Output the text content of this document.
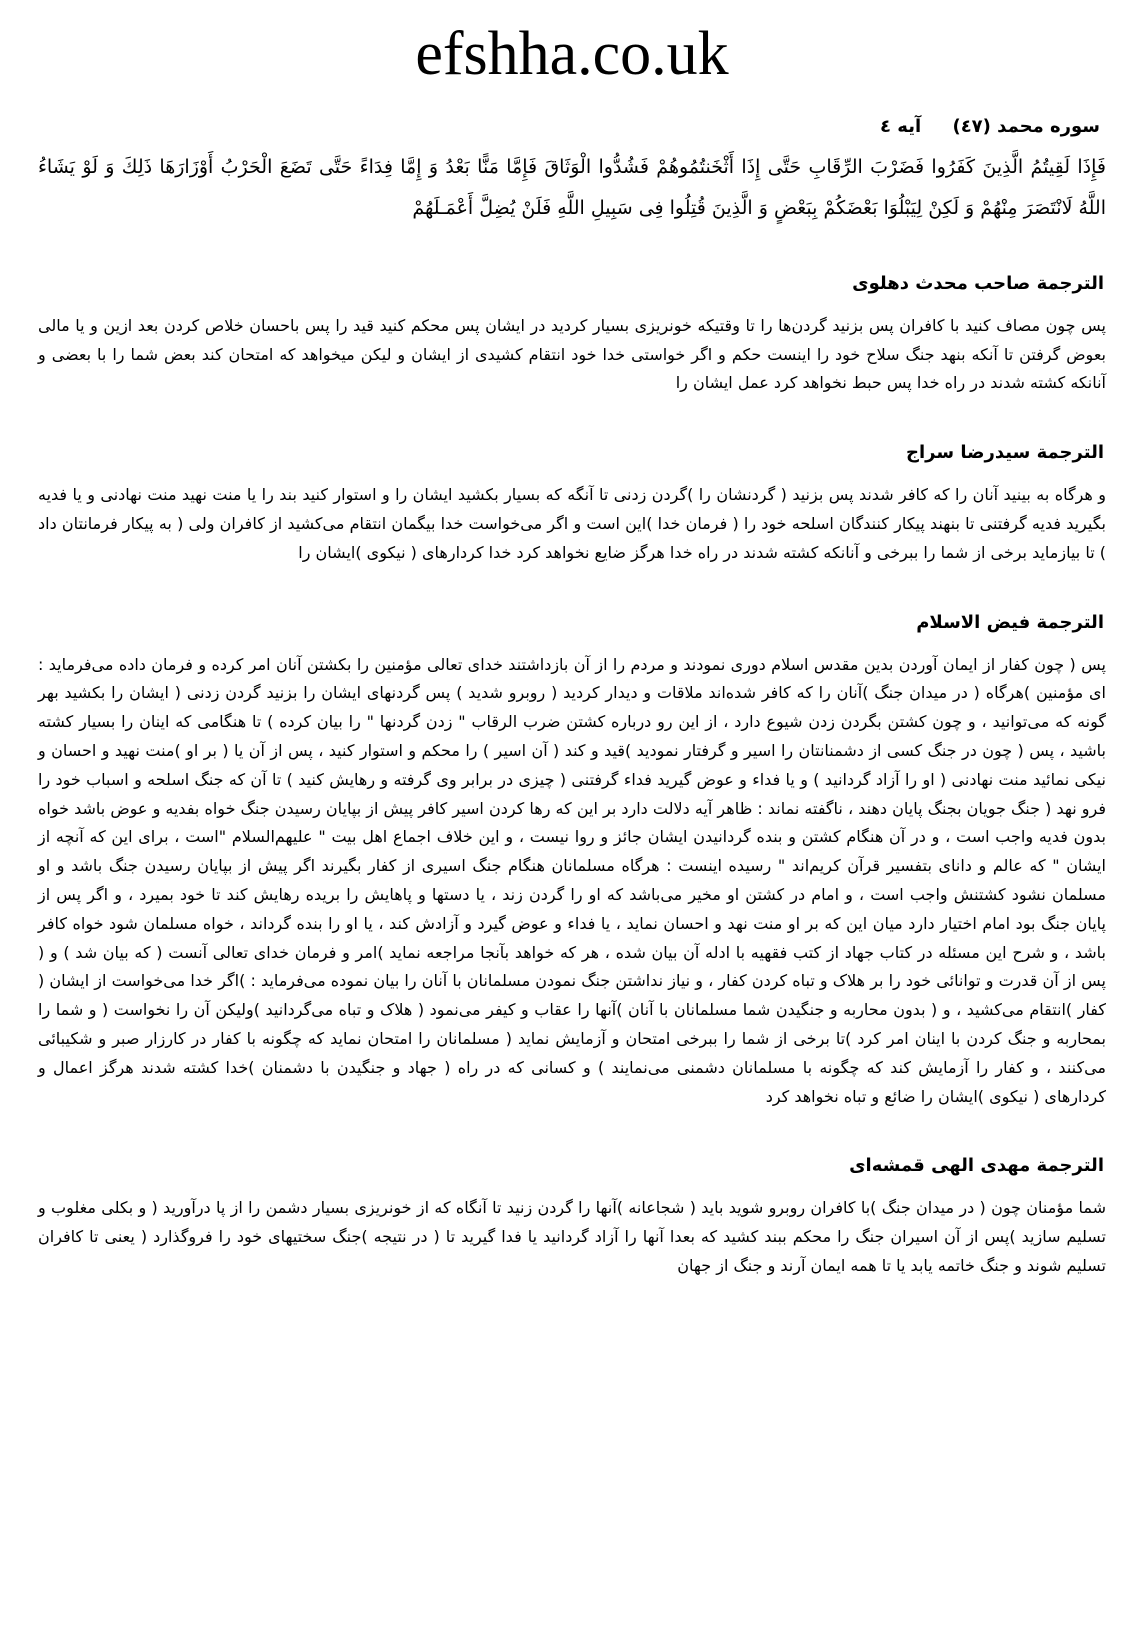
efshha.co.uk
سوره محمد (٤٧)     آیه ٤
فَإِذَا لَقِيتُمُ الَّذِينَ كَفَرُوا فَضَرْبَ الرِّقَابِ حَتَّى إِذَا أَثْخَنتُمُوهُمْ فَشُدُّوا الْوَثَاقَ فَإِمَّا مَنًّا بَعْدُ وَ إِمَّا فِدَاءً حَتَّى تَضَعَ الْحَرْبُ أَوْزَارَهَا ذَلِكَ وَ لَوْ يَشَاءُ اللَّهُ لَانْتَصَرَ مِنْهُمْ وَ لَكِنْ لِيَبْلُوَا بَعْضَكُمْ بِبَعْضٍ وَ الَّذِينَ قُتِلُوا فِى سَبِيلِ اللَّهِ فَلَنْ يُضِلَّ أَعْمَـلَهُمْ
الترجمة صاحب محدث دهلوی

پس چون مصاف کنید با کافران پس بزنید گردن‌ها را تا وقتیکه خونریزی بسیار کردید در ایشان پس محکم کنید قید را پس باحسان خلاص کردن بعد ازین و یا مالی بعوض گرفتن تا آنکه بنهد جنگ سلاح خود را اینست حکم و اگر خواستی خدا خود انتقام کشیدی از ایشان و لیکن میخواهد که امتحان کند بعض شما را با بعضی و آنانکه کشته شدند در راه خدا پس حبط نخواهد کرد عمل ایشان را

الترجمة سیدرضا سراج

و هرگاه به بینید آنان را که کافر شدند پس بزنید ( گردنشان را )گردن زدنی تا آنگه که بسیار بکشید ایشان را و استوار کنید بند را یا منت نهید منت نهادنی و یا فدیه بگیرید فدیه گرفتنی تا بنهند پیکار کنندگان اسلحه خود را ( فرمان خدا )این است و اگر می‌خواست خدا بیگمان انتقام می‌کشید از کافران ولی ( به پیکار فرمانتان داد ) تا بیازماید برخی از شما را ببرخی و آنانکه کشته شدند در راه خدا هرگز ضایع نخواهد کرد خدا کردارهای ( نیکوی )ایشان را

الترجمة فیض الاسلام

پس ( چون کفار از ایمان آوردن بدین مقدس اسلام دوری نمودند و مردم را از آن بازداشتند خدای تعالی مؤمنین را بکشتن آنان امر کرده و فرمان داده می‌فرماید : ای مؤمنین )هرگاه ( در میدان جنگ )آنان را که کافر شده‌اند ملاقات و دیدار کردید ( روبرو شدید ) پس گردنهای ایشان را بزنید گردن زدنی ( ایشان را بکشید بهر گونه که می‌توانید ، و چون کشتن بگردن زدن شیوع دارد ، از این رو درباره کشتن ضرب الرقاب " زدن گردنها " را بیان کرده ) تا هنگامی که اینان را بسیار کشته باشید ، پس ( چون در جنگ کسی از دشمنانتان را اسیر و گرفتار نمودید )قید و کند ( آن اسیر ) را محکم و استوار کنید ، پس از آن یا ( بر او )منت نهید و احسان و نیکی نمائید منت نهادنی ( او را آزاد گردانید ) و یا فداء و عوض گیرید فداء گرفتنی ( چیزی در برابر وی گرفته و رهایش کنید ) تا آن که جنگ اسلحه و اسباب خود را فرو نهد ( جنگ جویان بجنگ پایان دهند ، ناگفته نماند : ظاهر آیه دلالت دارد بر این که رها کردن اسیر کافر پیش از بپایان رسیدن جنگ خواه بفدیه و عوض باشد خواه بدون فدیه واجب است ، و در آن هنگام کشتن و بنده گردانیدن ایشان جائز و روا نیست ، و این خلاف اجماع اهل بیت " علیهم‌السلام "است ، برای این که آنچه از ایشان " که عالم و دانای بتفسیر قرآن کریم‌اند " رسیده اینست : هرگاه مسلمانان هنگام جنگ اسیری از کفار بگیرند اگر پیش از بپایان رسیدن جنگ باشد و او مسلمان نشود کشتنش واجب است ، و امام در کشتن او مخیر می‌باشد که او را گردن زند ، یا دستها و پاهایش را بریده رهایش کند تا خود بمیرد ، و اگر پس از پایان جنگ بود امام اختیار دارد میان این که بر او منت نهد و احسان نماید ، یا فداء و عوض گیرد و آزادش کند ، یا او را بنده گرداند ، خواه مسلمان شود خواه کافر باشد ، و شرح این مسئله در کتاب جهاد از کتب فقهیه با ادله آن بیان شده ، هر که خواهد بآنجا مراجعه نماید )امر و فرمان خدای تعالی آنست ( که بیان شد ) و ( پس از آن قدرت و توانائی خود را بر هلاک و تباه کردن کفار ، و نیاز نداشتن جنگ نمودن مسلمانان با آنان را بیان نموده می‌فرماید : )اگر خدا می‌خواست از ایشان ( کفار )انتقام می‌کشید ، و ( بدون محاربه و جنگیدن شما مسلمانان با آنان )آنها را عقاب و کیفر می‌نمود ( هلاک و تباه می‌گردانید )ولیکن آن را نخواست ( و شما را بمحاربه و جنگ کردن با اینان امر کرد )تا برخی از شما را ببرخی امتحان و آزمایش نماید ( مسلمانان را امتحان نماید که چگونه با کفار در کارزار صبر و شکیبائی می‌کنند ، و کفار را آزمایش کند که چگونه با مسلمانان دشمنی می‌نمایند ) و کسانی که در راه ( جهاد و جنگیدن با دشمنان )خدا کشته شدند هرگز اعمال و کردارهای ( نیکوی )ایشان را ضائع و تباه نخواهد کرد

الترجمة مهدی الهی قمشه‌ای

شما مؤمنان چون ( در میدان جنگ )با کافران روبرو شوید باید ( شجاعانه )آنها را گردن زنید تا آنگاه که از خونریزی بسیار دشمن را از پا درآورید ( و بکلی مغلوب و تسلیم سازید )پس از آن اسیران جنگ را محکم ببند کشید که بعدا آنها را آزاد گردانید یا فدا گیرید تا ( در نتیجه )جنگ سختیهای خود را فروگذارد ( یعنی تا کافران تسلیم شوند و جنگ خاتمه یابد یا تا همه ایمان آرند و جنگ از جهان
